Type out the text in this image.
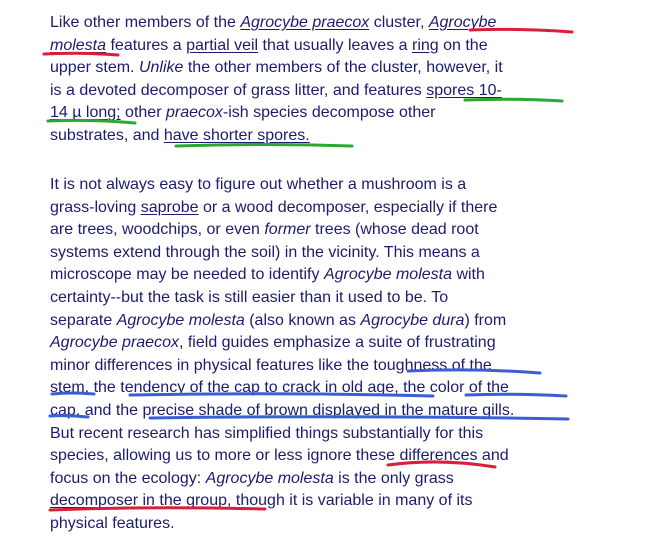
Like other members of the Agrocybe praecox cluster, Agrocybe
molesta features a partial veil that usually leaves a ring on the
upper stem. Unlike the other members of the cluster, however, it
is a devoted decomposer of grass litter, and features spores 10-
14 µ long; other praecox-ish species decompose other
substrates, and have shorter spores.
It is not always easy to figure out whether a mushroom is a
grass-loving saprobe or a wood decomposer, especially if there
are trees, woodchips, or even former trees (whose dead root
systems extend through the soil) in the vicinity. This means a
microscope may be needed to identify Agrocybe molesta with
certainty--but the task is still easier than it used to be. To
separate Agrocybe molesta (also known as Agrocybe dura) from
Agrocybe praecox, field guides emphasize a suite of frustrating
minor differences in physical features like the toughness of the
stem, the tendency of the cap to crack in old age, the color of the
cap, and the precise shade of brown displayed in the mature gills.
But recent research has simplified things substantially for this
species, allowing us to more or less ignore these differences and
focus on the ecology: Agrocybe molesta is the only grass
decomposer in the group, though it is variable in many of its
physical features.
